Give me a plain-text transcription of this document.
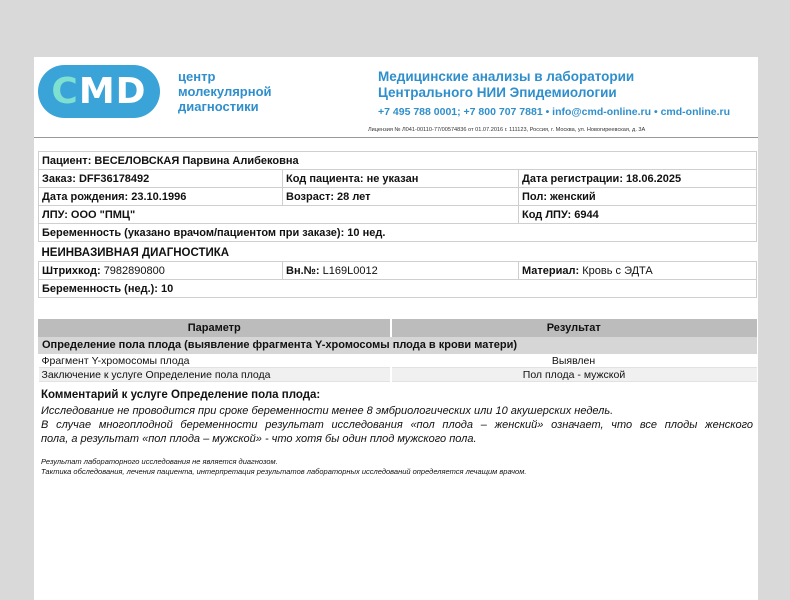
C MD центр
молекулярной
диагностики
Медицинские анализы в лаборатории
Центрального НИИ Эпидемиологии
+7 495 788 0001; +7 800 707 7881 • info@cmd-online.ru • cmd-online.ru
Лицензия № Л041-00110-77/00574836 от 01.07.2016 г. 111123, Россия, г. Москва, ул. Новогиреевская, д. 3А
Пациент: ВЕСЕЛОВСКАЯ Парвина Алибековна		
Заказ: DFF36178492	Код пациента: не указан	Дата регистрации: 18.06.2025
Дата рождения: 23.10.1996	Возраст: 28 лет	Пол: женский
ЛПУ: ООО "ПМЦ"		Код ЛПУ: 6944
Беременность (указано врачом/пациентом при заказе): 10 нед.		
НЕИНВАЗИВНАЯ ДИАГНОСТИКА		
Штрихкод: 7982890800	Вн.№: L169L0012	Материал: Кровь с ЭДТА
Беременность (нед.): 10		
Параметр	Результат
Определение пола плода (выявление фрагмента Y-хромосомы плода в крови матери)	
Фрагмент Y-хромосомы плода	Выявлен
Заключение к услуге Определение пола плода	Пол плода - мужской
Комментарий к услуге Определение пола плода:

Исследование не проводится при сроке беременности менее 8 эмбриологических или 10 акушерских недель.

В случае многоплодной беременности результат исследования «пол плода – женский» означает, что все плоды женского

пола, а результат «пол плода – мужской» - что хотя бы один плод мужского пола.

Результат лабораторного исследования не является диагнозом.
Тактика обследования, лечения пациента, интерпретация результатов лабораторных исследований определяется лечащим врачом.
